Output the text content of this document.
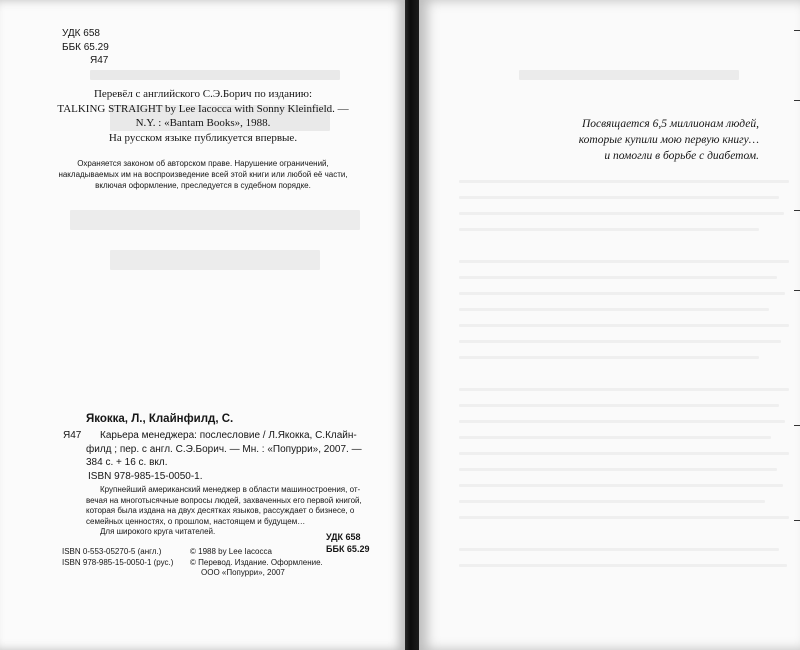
УДК 658
ББК 65.29
Я47
Перевёл с английского С.Э.Борич по изданию:
TALKING STRAIGHT by Lee Iacocca with Sonny Kleinfield. —
N.Y. : «Bantam Books», 1988.
На русском языке публикуется впервые.
Охраняется законом об авторском праве. Нарушение ограничений,
накладываемых им на воспроизведение всей этой книги или любой её части,
включая оформление, преследуется в судебном порядке.
Якокка, Л., Клайнфилд, С.
Я47	Карьера менеджера: послесловие / Л.Якокка, С.Клайн-
филд ; пер. с англ. С.Э.Борич. — Мн. : «Попурри», 2007. —
384 с. + 16 с. вкл.
ISBN 978-985-15-0050-1.
Крупнейший американский менеджер в области машиностроения, от-
вечая на многотысячные вопросы людей, захваченных его первой книгой,
которая была издана на двух десятках языков, рассуждает о бизнесе, о
семейных ценностях, о прошлом, настоящем и будущем…
Для широкого круга читателей.
УДК 658
ББК 65.29
ISBN 0-553-05270-5 (англ.)
ISBN 978-985-15-0050-1 (рус.)
© 1988 by Lee Iacocca
© Перевод. Издание. Оформление.
ООО «Попурри», 2007
Посвящается 6,5 миллионам людей,
которые купили мою первую книгу…
и помогли в борьбе с диабетом.
